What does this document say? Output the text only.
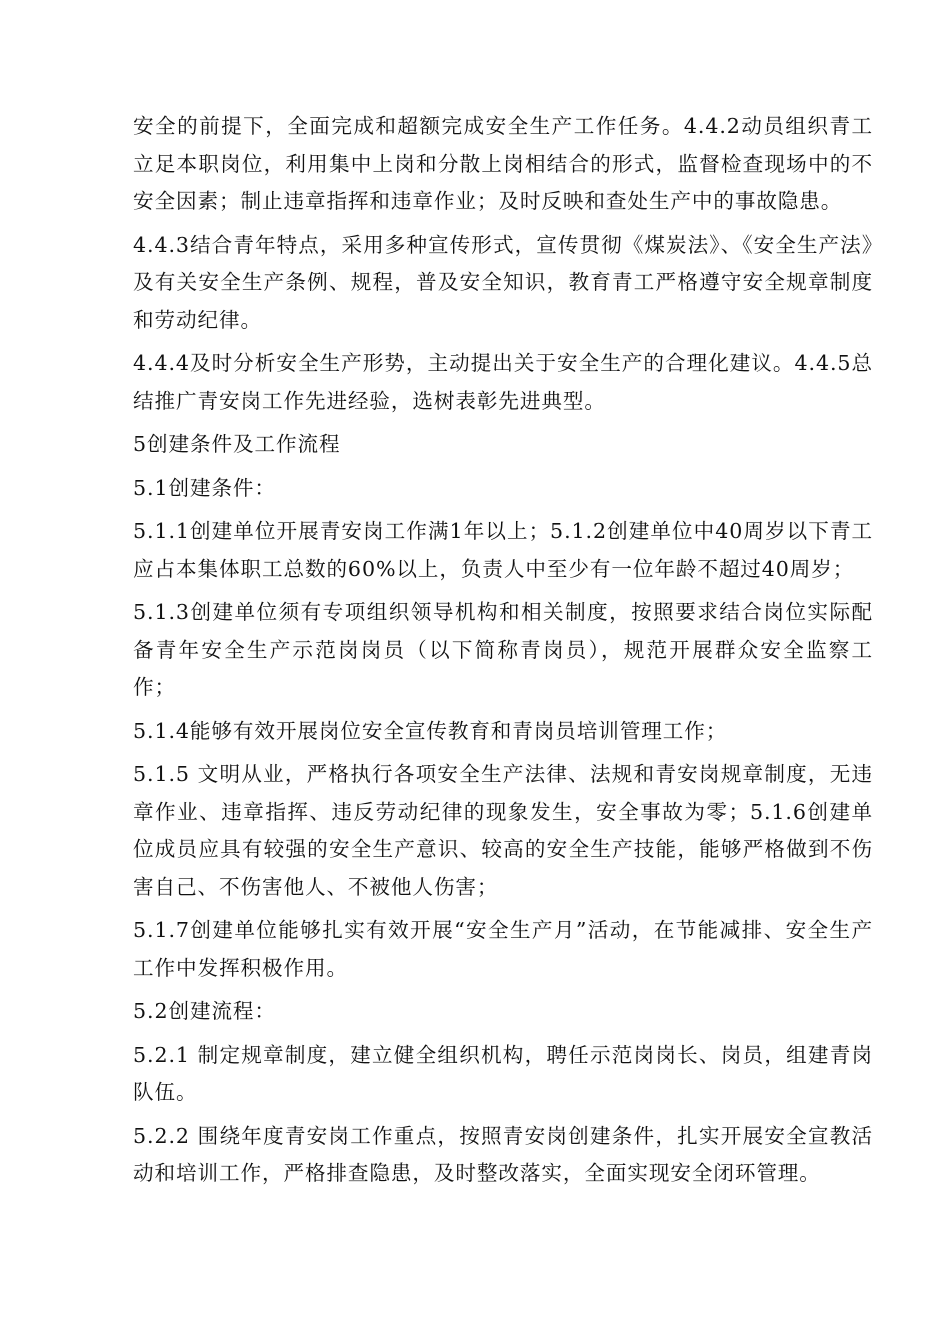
安全的前提下，全面完成和超额完成安全生产工作任务。4.4.2动员组织青工立足本职岗位，利用集中上岗和分散上岗相结合的形式，监督检查现场中的不安全因素；制止违章指挥和违章作业；及时反映和查处生产中的事故隐患。

4.4.3结合青年特点，采用多种宣传形式，宣传贯彻《煤炭法》、《安全生产法》及有关安全生产条例、规程，普及安全知识，教育青工严格遵守安全规章制度和劳动纪律。

4.4.4及时分析安全生产形势，主动提出关于安全生产的合理化建议。4.4.5总结推广青安岗工作先进经验，选树表彰先进典型。

5创建条件及工作流程

5.1创建条件：

5.1.1创建单位开展青安岗工作满1年以上；5.1.2创建单位中40周岁以下青工应占本集体职工总数的60%以上，负责人中至少有一位年龄不超过40周岁；

5.1.3创建单位须有专项组织领导机构和相关制度，按照要求结合岗位实际配备青年安全生产示范岗岗员（以下简称青岗员），规范开展群众安全监察工作；

5.1.4能够有效开展岗位安全宣传教育和青岗员培训管理工作；

5.1.5 文明从业，严格执行各项安全生产法律、法规和青安岗规章制度，无违章作业、违章指挥、违反劳动纪律的现象发生，安全事故为零；5.1.6创建单位成员应具有较强的安全生产意识、较高的安全生产技能，能够严格做到不伤害自己、不伤害他人、不被他人伤害；

5.1.7创建单位能够扎实有效开展“安全生产月”活动，在节能减排、安全生产工作中发挥积极作用。

5.2创建流程：

5.2.1 制定规章制度，建立健全组织机构，聘任示范岗岗长、岗员，组建青岗队伍。

5.2.2 围绕年度青安岗工作重点，按照青安岗创建条件，扎实开展安全宣教活动和培训工作，严格排查隐患，及时整改落实，全面实现安全闭环管理。
